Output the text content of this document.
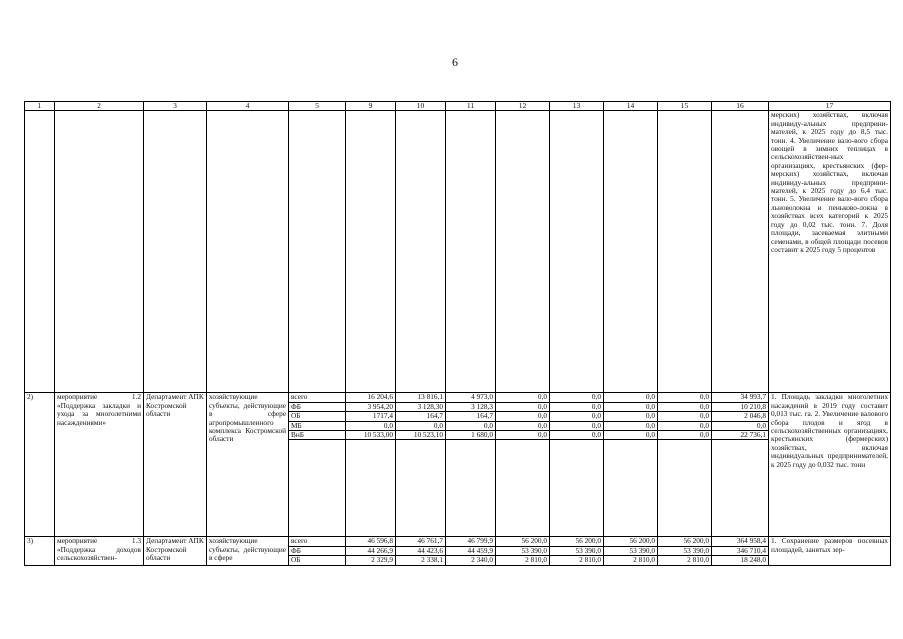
6
1	2	3	4	5	9	10	11	12	13	14	15	16	17
													мерских) хозяйствах, включая индивиду-альных предприни-мателей, к 2025 году до 8,5 тыс. тонн. 4. Увеличение вало-вого сбора овощей в зимних теплицах в сельскохозяйствен-ных организациях, крестьянских (фер-мерских) хозяйствах, включая индивиду-альных предприни-мателей, к 2025 году до 6,4 тыс. тонн. 5. Увеличение вало-вого сбора льноволокна и пеньково-локна в хозяйствах всех категорий к 2025 году до 0,02 тыс. тонн. 7. Доля площади, засеваемая элитными семенами, в общей площади посевов составит к 2025 году 5 процентов
2)	мероприятие 1.2 «Поддержка закладки и ухода за многолетними насаждениями»	Департамент АПК Костромской области	хозяйствующие субъекты, действующие в сфере агропромышленного комплекса Костромской области	всего	16 204,6	13 816,1	4 973,0	0,0	0,0	0,0	0,0	34 993,7	1. Площадь закладки многолетних насаждений в 2019 году составит 0,013 тыс. га. 2. Увеличение валового сбора плодов и ягод в сельскохозяйственных организациях, крестьянских (фермерских) хозяйствах, включая индивидуальных предпринимателей, к 2025 году до 0,032 тыс. тонн
				ФБ	3 954,20	3 128,30	3 128,3	0,0	0,0	0,0	0,0	10 210,8	
				ОБ	1717,4	164,7	164,7	0,0	0,0	0,0	0,0	2 046,8	
				МБ	0,0	0,0	0,0	0,0	0,0	0,0	0,0	0,0	
				ВнБ	10 533,00	10 523,10	1 680,0	0,0	0,0	0,0	0,0	22 736,1	

3)	мероприятие 1.3 «Поддержка доходов сельскохозяйствен-	Департамент АПК Костромской области	хозяйствующие субъекты, действующие в сфере	всего	46 596,8	46 761,7	46 799,9	56 200,0	56 200,0	56 200,0	56 200,0	364 958,4	1. Сохранение размеров посевных площадей, занятых зер-
				ФБ	44 266,9	44 423,6	44 459,9	53 390,0	53 390,0	53 390,0	53 390,0	346 710,4	
				ОБ	2 329,9	2 338,1	2 340,0	2 810,0	2 810,0	2 810,0	2 810,0	18 248,0	
